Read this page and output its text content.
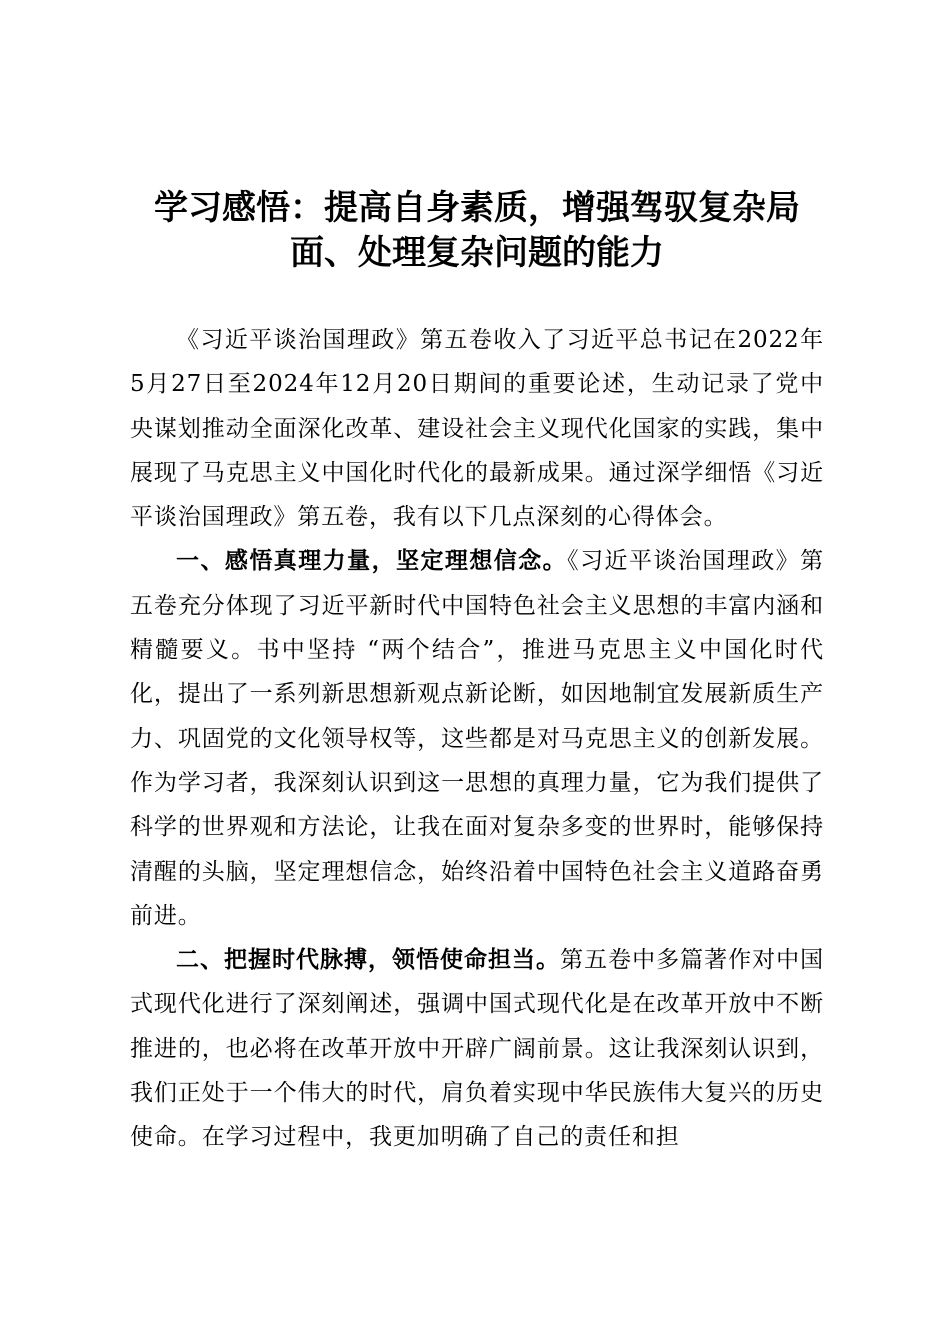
学习感悟：提高自身素质，增强驾驭复杂局面、处理复杂问题的能力

《习近平谈治国理政》第五卷收入了习近平总书记在2022年5月27日至2024年12月20日期间的重要论述，生动记录了党中央谋划推动全面深化改革、建设社会主义现代化国家的实践，集中展现了马克思主义中国化时代化的最新成果。通过深学细悟《习近平谈治国理政》第五卷，我有以下几点深刻的心得体会。

一、感悟真理力量，坚定理想信念。《习近平谈治国理政》第五卷充分体现了习近平新时代中国特色社会主义思想的丰富内涵和精髓要义。书中坚持 “两个结合”，推进马克思主义中国化时代化，提出了一系列新思想新观点新论断，如因地制宜发展新质生产力、巩固党的文化领导权等，这些都是对马克思主义的创新发展。作为学习者，我深刻认识到这一思想的真理力量，它为我们提供了科学的世界观和方法论，让我在面对复杂多变的世界时，能够保持清醒的头脑，坚定理想信念，始终沿着中国特色社会主义道路奋勇前进。

二、把握时代脉搏，领悟使命担当。第五卷中多篇著作对中国式现代化进行了深刻阐述，强调中国式现代化是在改革开放中不断推进的，也必将在改革开放中开辟广阔前景。这让我深刻认识到，我们正处于一个伟大的时代，肩负着实现中华民族伟大复兴的历史使命。在学习过程中，我更加明确了自己的责任和担
